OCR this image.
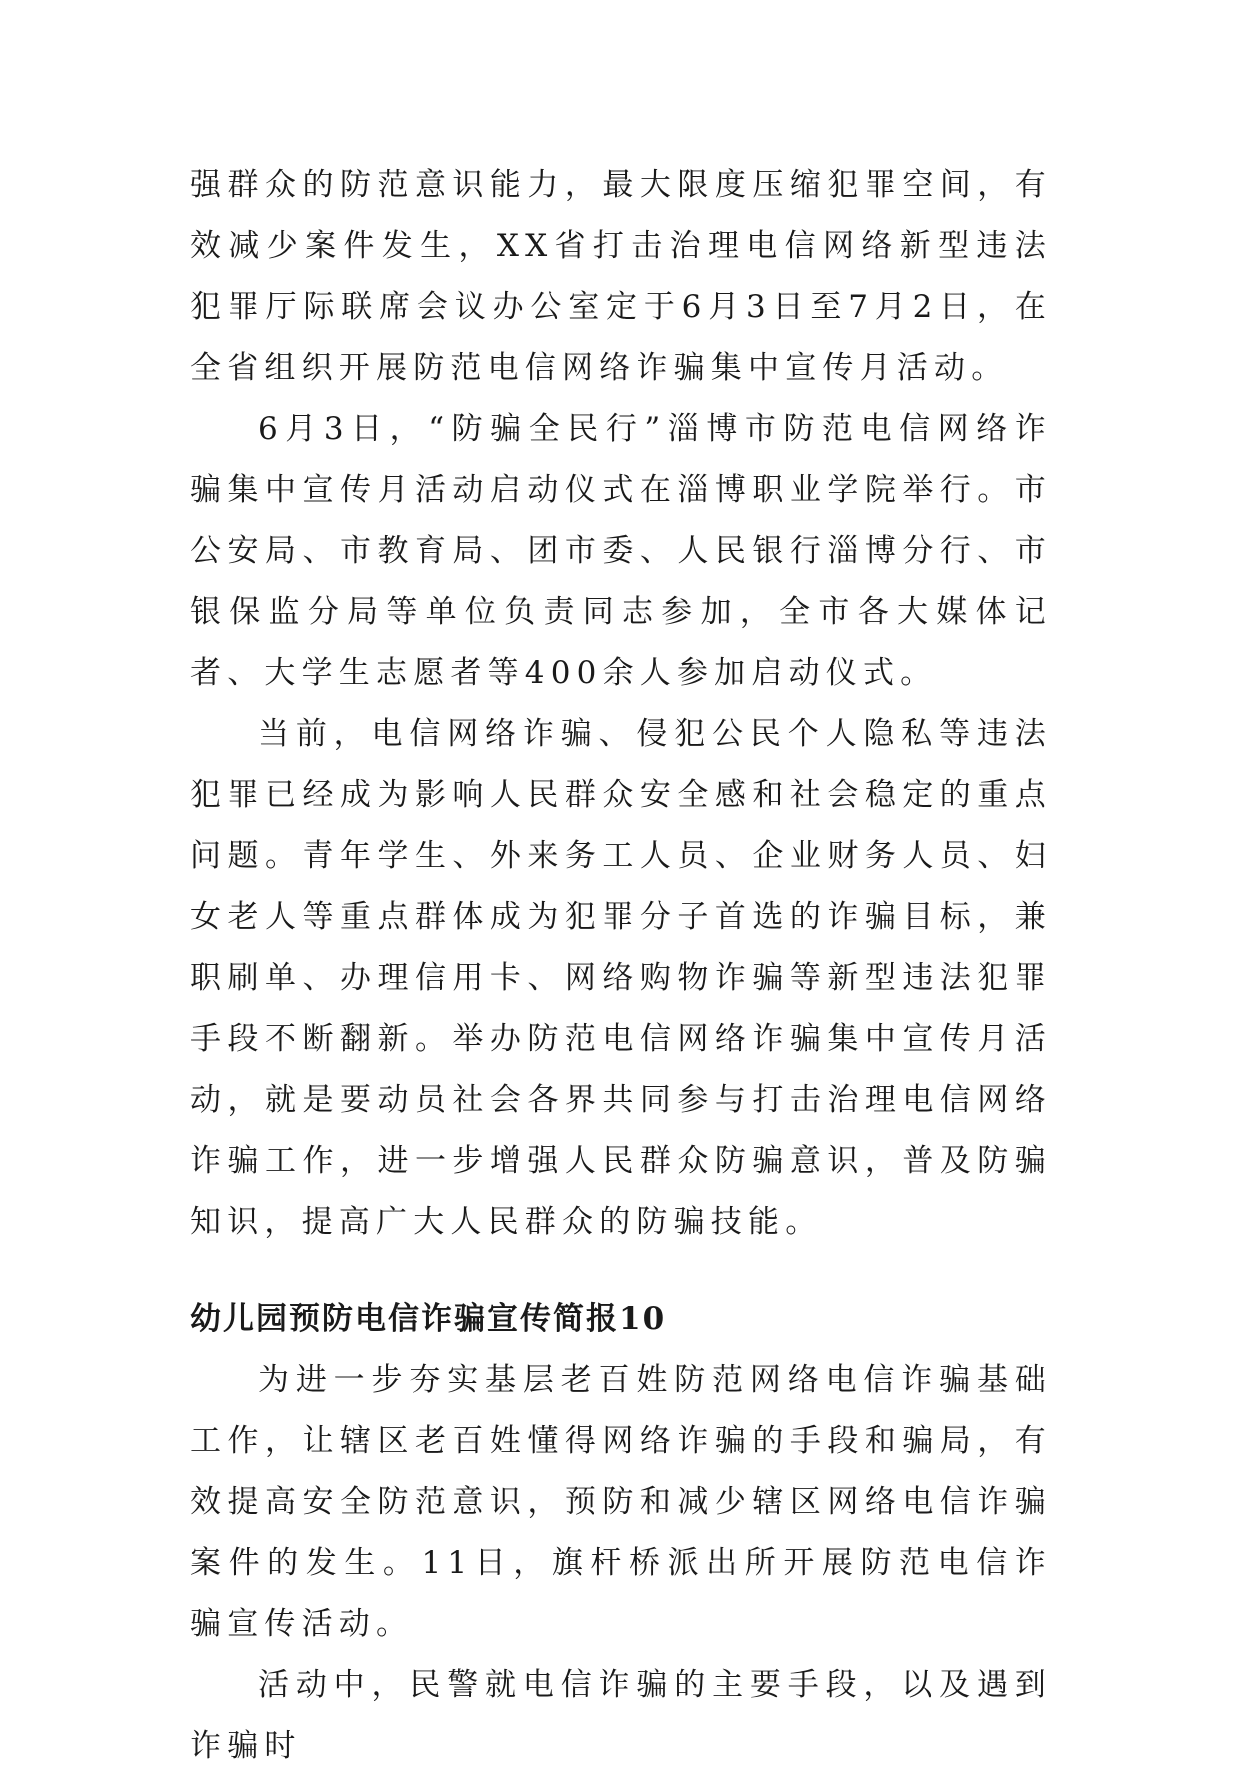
强群众的防范意识能力，最大限度压缩犯罪空间，有效减少案件发生，XX省打击治理电信网络新型违法犯罪厅际联席会议办公室定于6月3日至7月2日，在全省组织开展防范电信网络诈骗集中宣传月活动。

6月3日，“防骗全民行”淄博市防范电信网络诈骗集中宣传月活动启动仪式在淄博职业学院举行。市公安局、市教育局、团市委、人民银行淄博分行、市银保监分局等单位负责同志参加，全市各大媒体记者、大学生志愿者等400余人参加启动仪式。

当前，电信网络诈骗、侵犯公民个人隐私等违法犯罪已经成为影响人民群众安全感和社会稳定的重点问题。青年学生、外来务工人员、企业财务人员、妇女老人等重点群体成为犯罪分子首选的诈骗目标，兼职刷单、办理信用卡、网络购物诈骗等新型违法犯罪手段不断翻新。举办防范电信网络诈骗集中宣传月活动，就是要动员社会各界共同参与打击治理电信网络诈骗工作，进一步增强人民群众防骗意识，普及防骗知识，提高广大人民群众的防骗技能。

幼儿园预防电信诈骗宣传简报10

为进一步夯实基层老百姓防范网络电信诈骗基础工作，让辖区老百姓懂得网络诈骗的手段和骗局，有效提高安全防范意识，预防和减少辖区网络电信诈骗案件的发生。11日，旗杆桥派出所开展防范电信诈骗宣传活动。

活动中，民警就电信诈骗的主要手段，以及遇到诈骗时
